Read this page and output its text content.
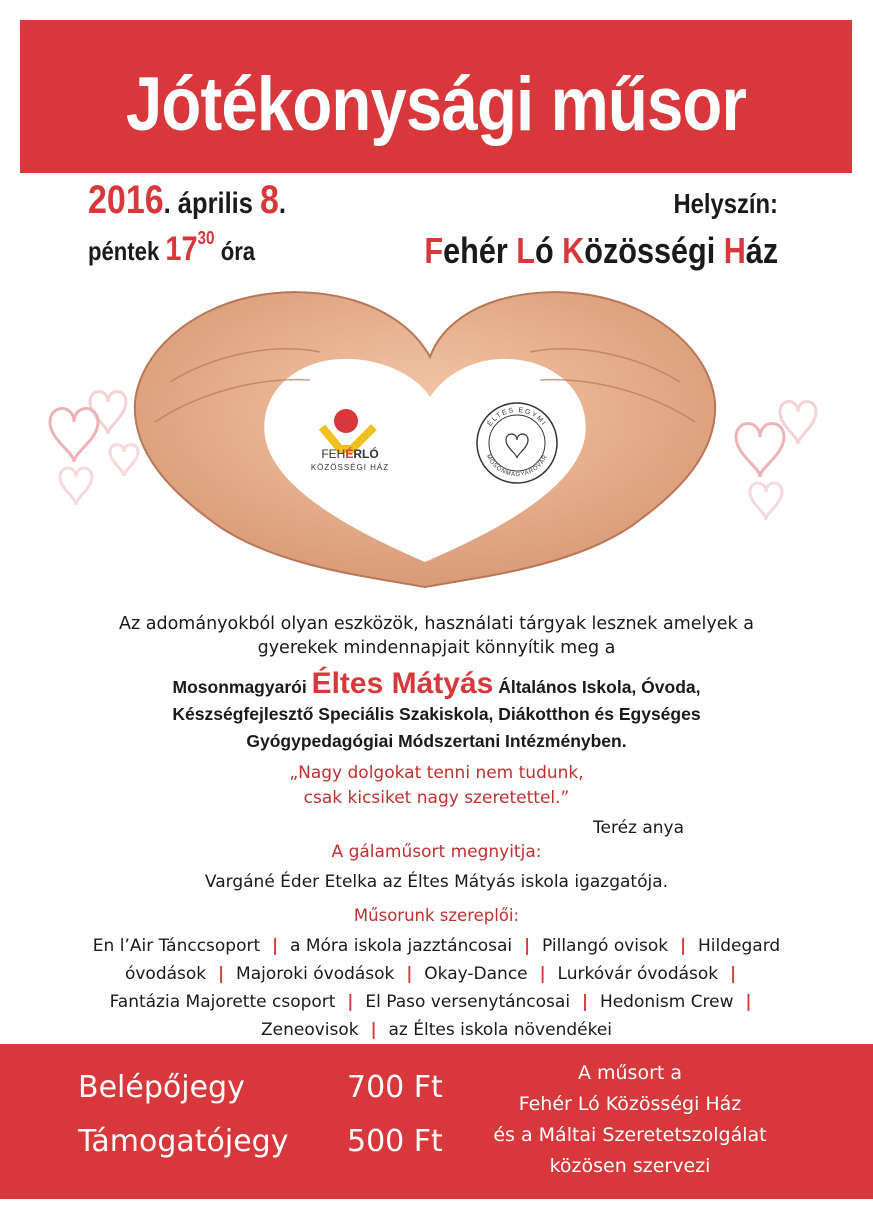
Jótékonysági műsor
2016. április 8.
péntek $17^{30}$ óra
Helyszín:
Fehér Ló Közösségi Ház
FEHÉRLÓ
KÖZÖSSÉGI HÁZ
ÉLTES EGYMI
MOSONMAGYARÓVÁR
Az adományokból olyan eszközök, használati tárgyak lesznek amelyek a
gyerekek mindennapjait könnyítik meg a
Mosonmagyarói Éltes Mátyás Általános Iskola, Óvoda,
Készségfejlesztő Speciális Szakiskola, Diákotthon és Egységes
Gyógypedagógiai Módszertani Intézményben.
„Nagy dolgokat tenni nem tudunk,
csak kicsiket nagy szeretettel.”
Teréz anya
A gálaműsort megnyitja:
Vargáné Éder Etelka az Éltes Mátyás iskola igazgatója.
Műsorunk szereplői:
En l’Air Tánccsoport  |  a Móra iskola jazztáncosai  |  Pillangó ovisok  |  Hildegard
óvodások  |  Majoroki óvodások  |  Okay-Dance  |  Lurkóvár óvodások  |
Fantázia Majorette csoport  |  El Paso versenytáncosai  |  Hedonism Crew  |
Zeneovisok  |  az Éltes iskola növendékei
Belépőjegy	700 Ft
Támogatójegy 500 Ft
A műsort a
Fehér Ló Közösségi Ház
és a Máltai Szeretetszolgálat
közösen szervezi
